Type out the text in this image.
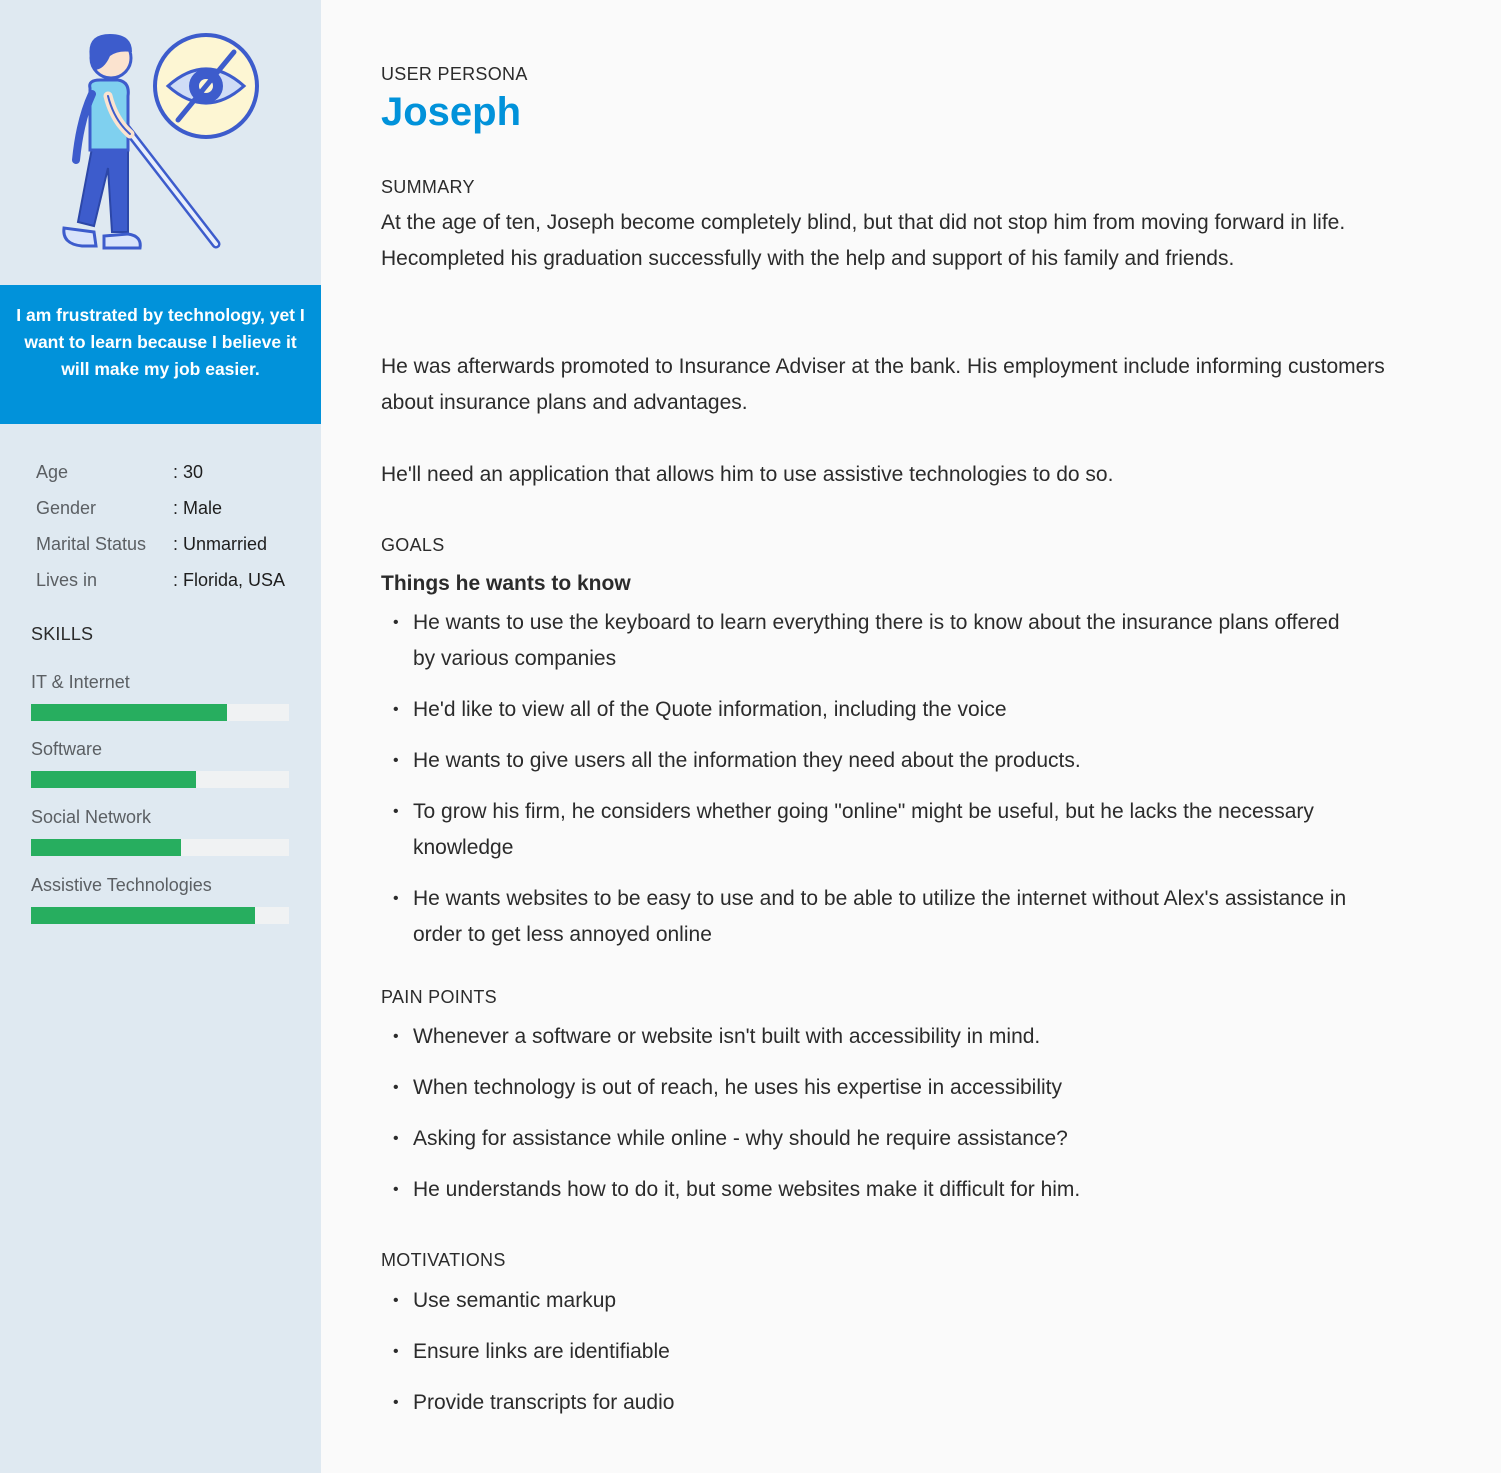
I am frustrated by technology, yet I want to learn because I believe it will make my job easier.
Age	: 30
Gender	: Male
Marital Status	: Unmarried
Lives in	: Florida, USA
SKILLS
IT & Internet
Software
Social Network
Assistive Technologies
USER PERSONA
Joseph
SUMMARY

At the age of ten, Joseph become completely blind, but that did not stop him from moving forward in life. Hecompleted his graduation successfully with the help and support of his family and friends.

He was afterwards promoted to Insurance Adviser at the bank. His employment include informing customers about insurance plans and advantages.

He'll need an application that allows him to use assistive technologies to do so.

GOALS
Things he wants to know
• He wants to use the keyboard to learn everything there is to know about the insurance plans offered by various companies
• He'd like to view all of the Quote information, including the voice
• He wants to give users all the information they need about the products.
• To grow his firm, he considers whether going "online" might be useful, but he lacks the necessary knowledge
• He wants websites to be easy to use and to be able to utilize the internet without Alex's assistance in order to get less annoyed online
PAIN POINTS
• Whenever a software or website isn't built with accessibility in mind.
• When technology is out of reach, he uses his expertise in accessibility
• Asking for assistance while online - why should he require assistance?
• He understands how to do it, but some websites make it difficult for him.
MOTIVATIONS
• Use semantic markup
• Ensure links are identifiable
• Provide transcripts for audio
